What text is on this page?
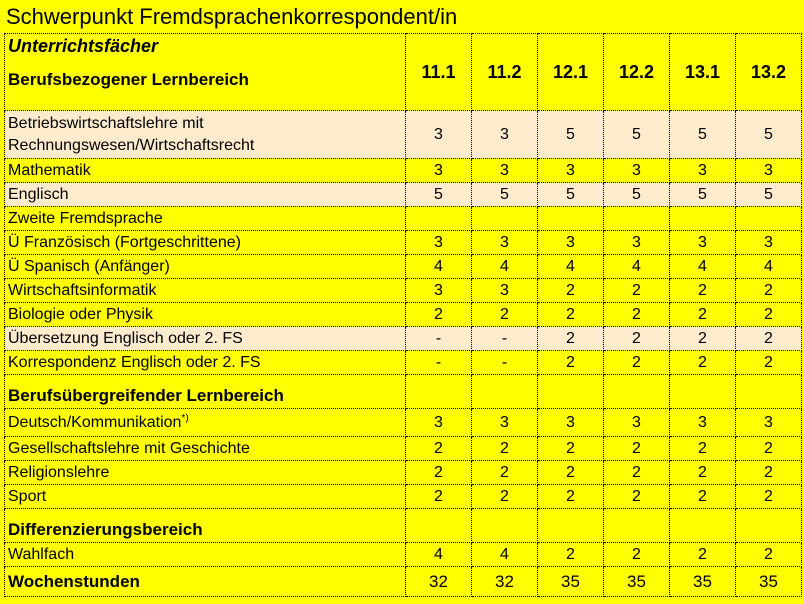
Schwerpunkt Fremdsprachenkorrespondent/in
Unterrichtsfächer
Berufsbezogener Lernbereich	11.1	11.2	12.1	12.2	13.1	13.2
Betriebswirtschaftslehre mit Rechnungswesen/Wirtschaftsrecht	3	3	5	5	5	5
Mathematik	3	3	3	3	3	3
Englisch	5	5	5	5	5	5
Zweite Fremdsprache						
Ü Französisch (Fortgeschrittene)	3	3	3	3	3	3
Ü Spanisch (Anfänger)	4	4	4	4	4	4
Wirtschaftsinformatik	3	3	2	2	2	2
Biologie oder Physik	2	2	2	2	2	2
Übersetzung Englisch oder 2. FS	-	-	2	2	2	2
Korrespondenz Englisch oder 2. FS	-	-	2	2	2	2
Berufsübergreifender Lernbereich						
Deutsch/Kommunikation*)	3	3	3	3	3	3
Gesellschaftslehre mit Geschichte	2	2	2	2	2	2
Religionslehre	2	2	2	2	2	2
Sport	2	2	2	2	2	2
Differenzierungsbereich						
Wahlfach	4	4	2	2	2	2
Wochenstunden	32	32	35	35	35	35
